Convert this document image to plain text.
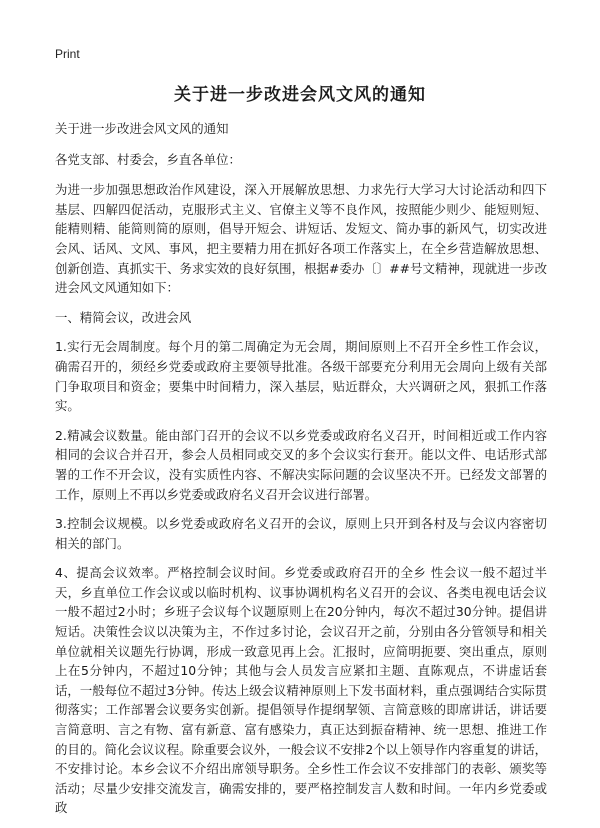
Print
关于进一步改进会风文风的通知

关于进一步改进会风文风的通知

各党支部、村委会，乡直各单位：

为进一步加强思想政治作风建设，深入开展解放思想、力求先行大学习大讨论活动和四下基层、四解四促活动，克服形式主义、官僚主义等不良作风，按照能少则少、能短则短、能精则精、能简则简的原则，倡导开短会、讲短话、发短文、简办事的新风气，切实改进会风、话风、文风、事风，把主要精力用在抓好各项工作落实上，在全乡营造解放思想、创新创造、真抓实干、务求实效的良好氛围，根据#委办〔〕##号文精神，现就进一步改进会风文风通知如下：

一、精简会议，改进会风

1.实行无会周制度。每个月的第二周确定为无会周，期间原则上不召开全乡性工作会议，确需召开的，须经乡党委或政府主要领导批准。各级干部要充分利用无会周向上级有关部门争取项目和资金；要集中时间精力，深入基层，贴近群众，大兴调研之风，狠抓工作落实。

2.精减会议数量。能由部门召开的会议不以乡党委或政府名义召开，时间相近或工作内容相同的会议合并召开，参会人员相同或交叉的多个会议实行套开。能以文件、电话形式部署的工作不开会议，没有实质性内容、不解决实际问题的会议坚决不开。已经发文部署的工作，原则上不再以乡党委或政府名义召开会议进行部署。

3.控制会议规模。以乡党委或政府名义召开的会议，原则上只开到各村及与会议内容密切相关的部门。

4、提高会议效率。严格控制会议时间。乡党委或政府召开的全乡 性会议一般不超过半天，乡直单位工作会议或以临时机构、议事协调机构名义召开的会议、各类电视电话会议一般不超过2小时；乡班子会议每个议题原则上在20分钟内，每次不超过30分钟。提倡讲短话。决策性会议以决策为主，不作过多讨论，会议召开之前，分别由各分管领导和相关单位就相关议题先行协调，形成一致意见再上会。汇报时，应简明扼要、突出重点，原则上在5分钟内，不超过10分钟；其他与会人员发言应紧扣主题、直陈观点，不讲虚话套话，一般每位不超过3分钟。传达上级会议精神原则上下发书面材料，重点强调结合实际贯彻落实；工作部署会议要务实创新。提倡领导作提纲挈领、言简意赅的即席讲话，讲话要言简意明、言之有物、富有新意、富有感染力，真正达到振奋精神、统一思想、推进工作的目的。简化会议议程。除重要会议外，一般会议不安排2个以上领导作内容重复的讲话，不安排讨论。本乡会议不介绍出席领导职务。全乡性工作会议不安排部门的表彰、颁奖等活动；尽量少安排交流发言，确需安排的，要严格控制发言人数和时间。一年内乡党委或政
